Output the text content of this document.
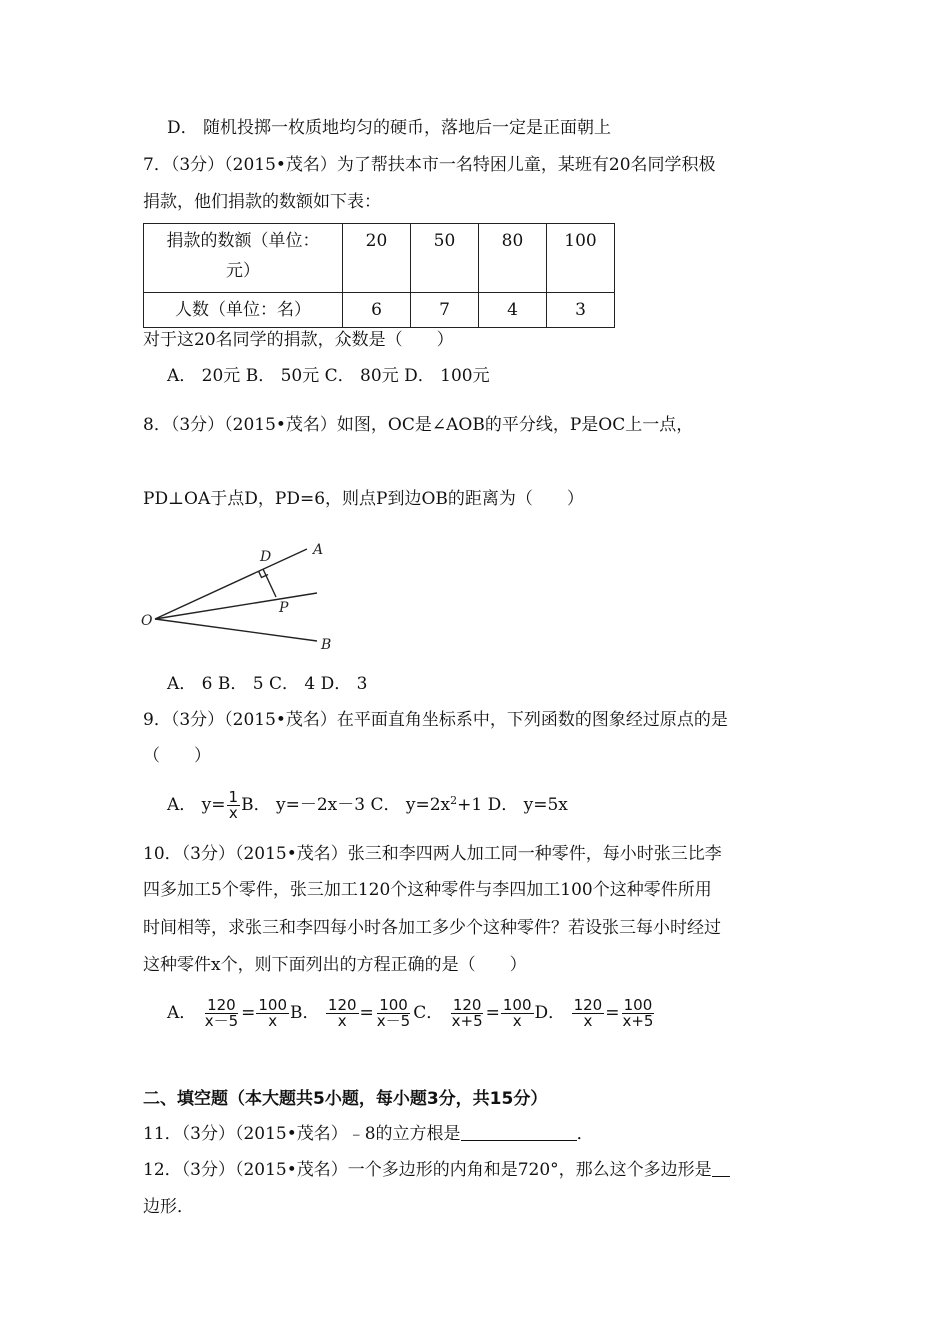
D． 随机投掷一枚质地均匀的硬币，落地后一定是正面朝上
7．（3分）（2015•茂名）为了帮扶本市一名特困儿童，某班有20名同学积极
捐款，他们捐款的数额如下表：
捐款的数额（单位：
元）	20	50	80	100
人数（单位：名）	6	7	4	3
对于这20名同学的捐款，众数是（　　）
A． 20元 B． 50元 C． 80元 D． 100元
8．（3分）（2015•茂名）如图，OC是∠AOB的平分线，P是OC上一点，
PD⊥OA于点D，PD=6，则点P到边OB的距离为（　　）
O
A
B
D
P
A． 6 B． 5 C． 4 D． 3
9．（3分）（2015•茂名）在平面直角坐标系中，下列函数的图象经过原点的是
（　　）
A． $y= \frac{1}{x}$ B． y=－2x－3 C． $y=2x^2+1$ D． y=5x
10．（3分）（2015•茂名）张三和李四两人加工同一种零件，每小时张三比李
四多加工5个零件，张三加工120个这种零件与李四加工100个这种零件所用
时间相等，求张三和李四每小时各加工多少个这种零件？若设张三每小时经过
这种零件x个，则下面列出的方程正确的是（　　）
A． $\frac{120}{x-5} = \frac{100}{x}$ B． $\frac{120}{x} = \frac{100}{x-5}$ C． $\frac{120}{x+5} = \frac{100}{x}$ D． $\frac{120}{x} = \frac{100}{x+5}$
二、填空题（本大题共5小题，每小题3分，共15分）
11．（3分）（2015•茂名）﹣8的立方根是	．
12．（3分）（2015•茂名）一个多边形的内角和是720°，那么这个多边形是
边形．
